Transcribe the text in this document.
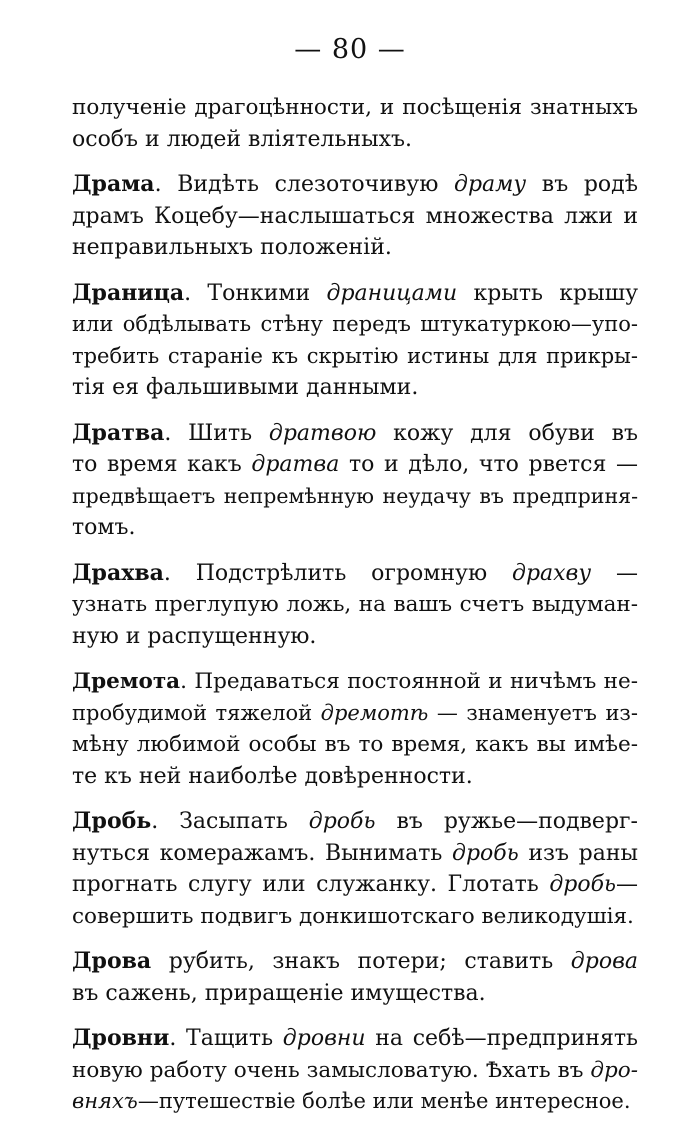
— 80 —
полученіе драгоцѣнности, и посѣщенія знатныхъ
особъ и людей вліятельныхъ.
Драма. Видѣть слезоточивую драму въ родѣ
драмъ Коцебу—наслышаться множества лжи и
неправильныхъ положеній.
Драница. Тонкими драницами крыть крышу
или обдѣлывать стѣну передъ штукатуркою—упо-
требить стараніе къ скрытію истины для прикры-
тія ея фальшивыми данными.
Дратва. Шить дратвою кожу для обуви въ
то время какъ дратва то и дѣло, что рвется —
предвѣщаетъ непремѣнную неудачу въ предприня-
томъ.
Драхва. Подстрѣлить огромную драхву —
узнать преглупую ложь, на вашъ счетъ выдуман-
ную и распущенную.
Дремота. Предаваться постоянной и ничѣмъ не-
пробудимой тяжелой дремотѣ — знаменуетъ из-
мѣну любимой особы въ то время, какъ вы имѣе-
те къ ней наиболѣе довѣренности.
Дробь. Засыпать дробь въ ружье—подверг-
нуться комеражамъ. Вынимать дробь изъ раны
прогнать слугу или служанку. Глотать дробь—
совершить подвигъ донкишотскаго великодушія.
Дрова рубить, знакъ потери; ставить дрова
въ сажень, приращеніе имущества.
Дровни. Тащить дровни на себѣ—предпринять
новую работу очень замысловатую. Ѣхать въ дро-
вняхъ—путешествіе болѣе или менѣе интересное.
